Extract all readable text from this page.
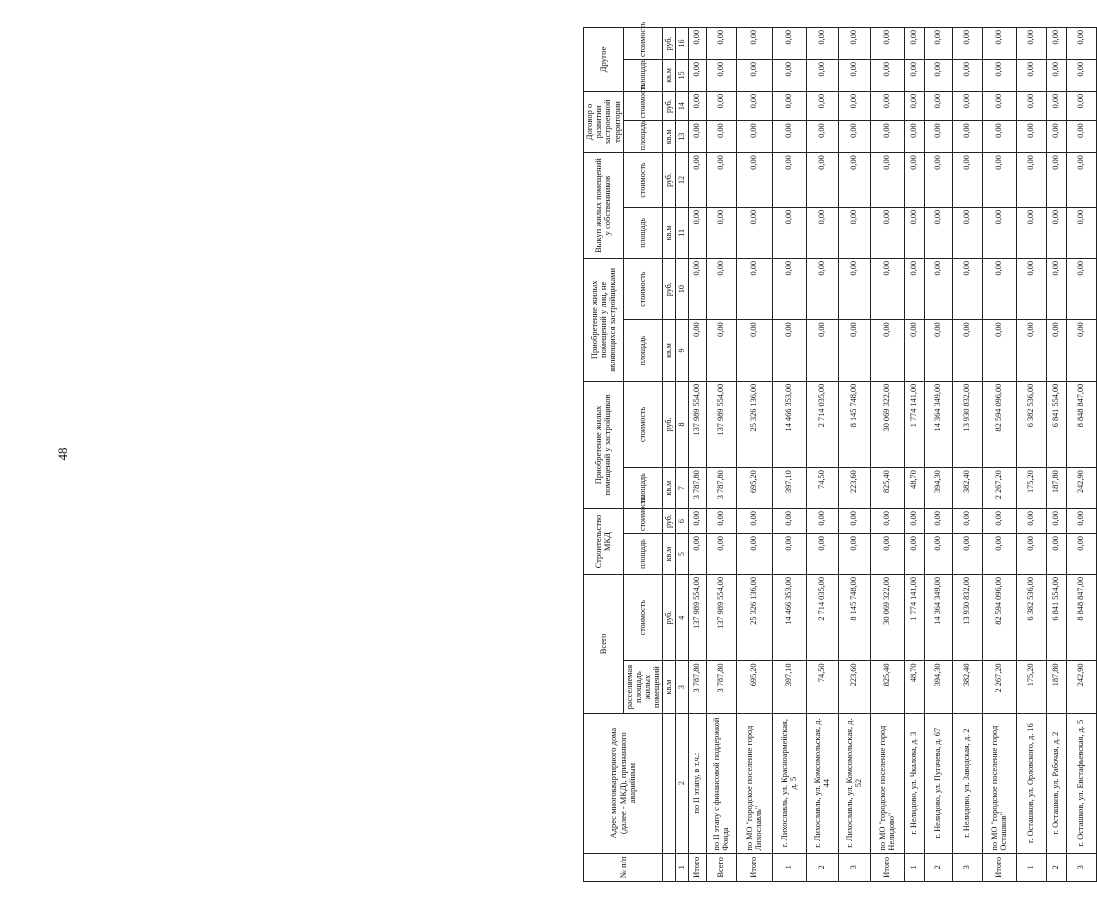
48
№ п/п	Адрес многоквартирного дома (далее - МКД), признанного аварийным	Всего		Строительство МКД		Приобретение жилых помещений у застройщиков		Приобретение жилых помещений у лиц, не являющихся застройщиками		Выкуп жилых помещений у собственников		Договор о развитии застроенной территории		Другое	
		расселяемая площадь жилых помещений	стоимость	площадь	стоимость	площадь	стоимость	площадь	стоимость	площадь	стоимость	площадь	стоимость	площадь	стоимость
		кв.м	руб.	кв.м	руб.	кв.м	руб.	кв.м	руб.	кв.м	руб.	кв.м	руб.	кв.м	руб.
1	2	3	4	5	6	7	8	9	10	11	12	13	14	15	16
Итого	по II этапу, в т.ч.:	3 787,80	137 989 554,00	0,00	0,00	3 787,80	137 989 554,00	0,00	0,00	0,00	0,00	0,00	0,00	0,00	0,00
Всего	по II этапу с финансовой поддержкой Фонда	3 787,80	137 989 554,00	0,00	0,00	3 787,80	137 989 554,00	0,00	0,00	0,00	0,00	0,00	0,00	0,00	0,00
Итого	по МО "городское поселение город Лихославль"	695,20	25 326 136,00	0,00	0,00	695,20	25 326 136,00	0,00	0,00	0,00	0,00	0,00	0,00	0,00	0,00
1	г. Лихославль, ул. Красноармейская, д. 5	397,10	14 466 353,00	0,00	0,00	397,10	14 466 353,00	0,00	0,00	0,00	0,00	0,00	0,00	0,00	0,00
2	г. Лихославль, ул. Комсомольская, д. 44	74,50	2 714 035,00	0,00	0,00	74,50	2 714 035,00	0,00	0,00	0,00	0,00	0,00	0,00	0,00	0,00
3	г. Лихославль, ул. Комсомольская, д. 52	223,60	8 145 748,00	0,00	0,00	223,60	8 145 748,00	0,00	0,00	0,00	0,00	0,00	0,00	0,00	0,00
Итого	по МО "городское поселение город Нелидово"	825,40	30 069 322,00	0,00	0,00	825,40	30 069 322,00	0,00	0,00	0,00	0,00	0,00	0,00	0,00	0,00
1	г. Нелидово, ул. Чкалова, д. 3	48,70	1 774 141,00	0,00	0,00	48,70	1 774 141,00	0,00	0,00	0,00	0,00	0,00	0,00	0,00	0,00
2	г. Нелидово, ул. Пугачева, д. 67	394,30	14 364 349,00	0,00	0,00	394,30	14 364 349,00	0,00	0,00	0,00	0,00	0,00	0,00	0,00	0,00
3	г. Нелидово, ул. Заводская, д. 2	382,40	13 930 832,00	0,00	0,00	382,40	13 930 832,00	0,00	0,00	0,00	0,00	0,00	0,00	0,00	0,00
Итого	по МО "городское поселение город Осташков"	2 267,20	82 594 096,00	0,00	0,00	2 267,20	82 594 096,00	0,00	0,00	0,00	0,00	0,00	0,00	0,00	0,00
1	г. Осташков, ул. Орловского, д. 16	175,20	6 382 536,00	0,00	0,00	175,20	6 382 536,00	0,00	0,00	0,00	0,00	0,00	0,00	0,00	0,00
2	г. Осташков, ул. Рабочая, д. 2	187,80	6 841 554,00	0,00	0,00	187,80	6 841 554,00	0,00	0,00	0,00	0,00	0,00	0,00	0,00	0,00
3	г. Осташков, ул. Евстафьевская, д. 5	242,90	8 848 847,00	0,00	0,00	242,90	8 848 847,00	0,00	0,00	0,00	0,00	0,00	0,00	0,00	0,00
